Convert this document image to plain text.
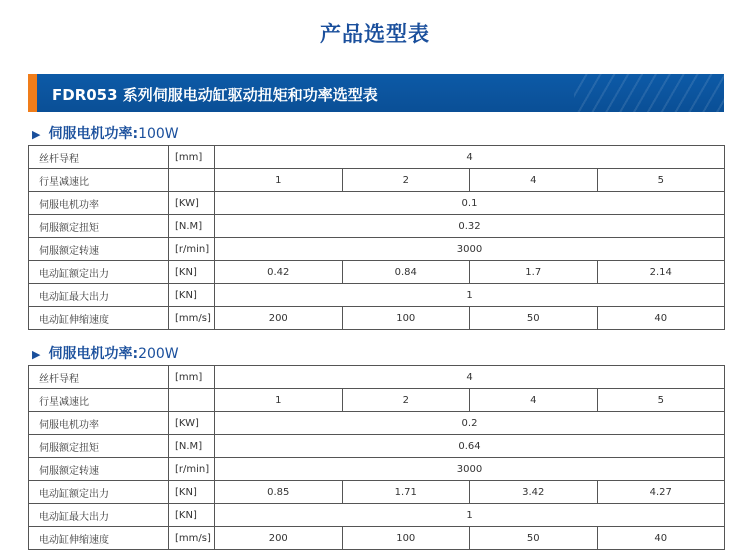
产品选型表
FDR053 系列伺服电动缸驱动扭矩和功率选型表
▶ 伺服电机功率:100W
丝杆导程	[mm]	4			
行星减速比		1	2	4	5
伺服电机功率	[KW]	0.1			
伺服额定扭矩	[N.M]	0.32			
伺服额定转速	[r/min]	3000			
电动缸额定出力	[KN]	0.42	0.84	1.7	2.14
电动缸最大出力	[KN]	1			
电动缸伸缩速度	[mm/s]	200	100	50	40
▶ 伺服电机功率:200W
丝杆导程	[mm]	4			
行星减速比		1	2	4	5
伺服电机功率	[KW]	0.2			
伺服额定扭矩	[N.M]	0.64			
伺服额定转速	[r/min]	3000			
电动缸额定出力	[KN]	0.85	1.71	3.42	4.27
电动缸最大出力	[KN]	1			
电动缸伸缩速度	[mm/s]	200	100	50	40
